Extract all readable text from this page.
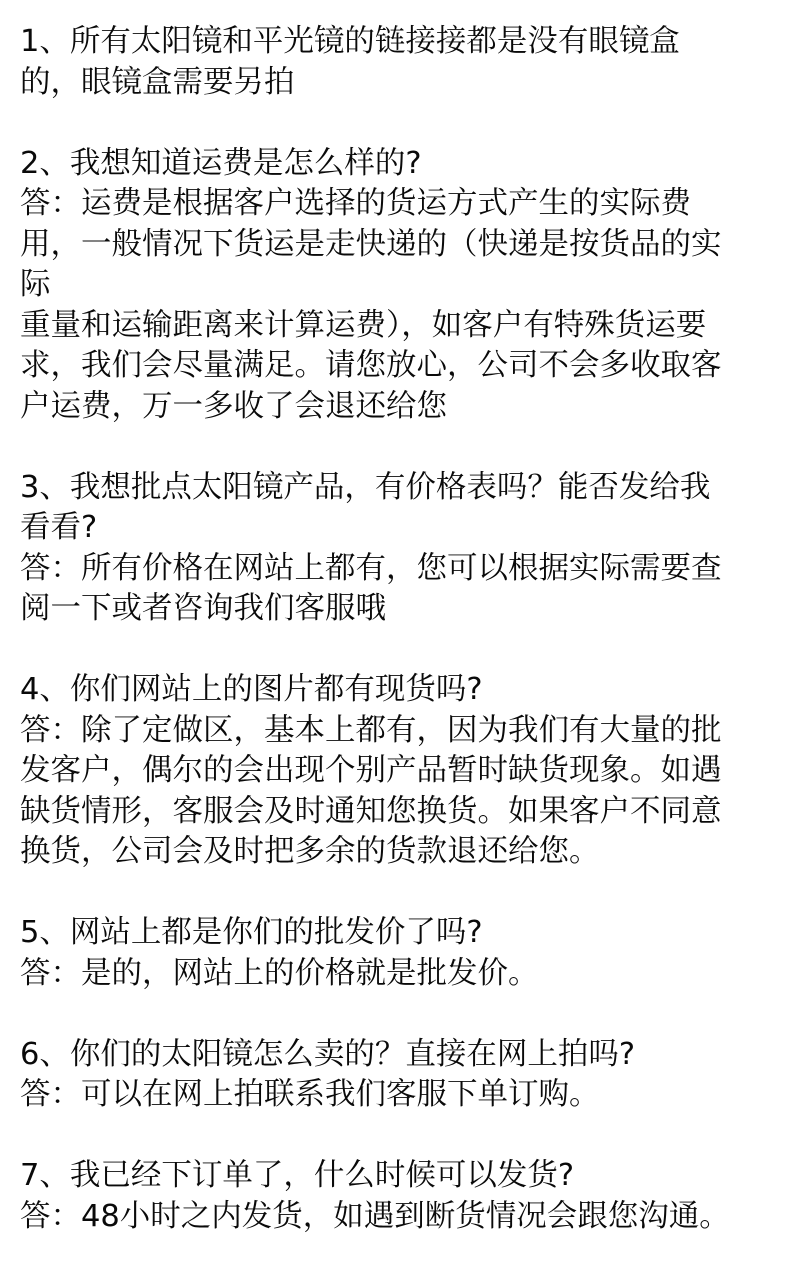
1、所有太阳镜和平光镜的链接接都是没有眼镜盒
的，眼镜盒需要另拍
2、我想知道运费是怎么样的?
答：运费是根据客户选择的货运方式产生的实际费
用，一般情况下货运是走快递的（快递是按货品的实
际
重量和运输距离来计算运费），如客户有特殊货运要
求，我们会尽量满足。请您放心，公司不会多收取客
户运费，万一多收了会退还给您
3、我想批点太阳镜产品，有价格表吗？能否发给我
看看?
答：所有价格在网站上都有，您可以根据实际需要查
阅一下或者咨询我们客服哦
4、你们网站上的图片都有现货吗?
答：除了定做区，基本上都有，因为我们有大量的批
发客户，偶尔的会出现个别产品暂时缺货现象。如遇
缺货情形，客服会及时通知您换货。如果客户不同意
换货，公司会及时把多余的货款退还给您。
5、网站上都是你们的批发价了吗?
答：是的，网站上的价格就是批发价。
6、你们的太阳镜怎么卖的？直接在网上拍吗?
答：可以在网上拍联系我们客服下单订购。
7、我已经下订单了，什么时候可以发货?
答：48小时之内发货，如遇到断货情况会跟您沟通。
